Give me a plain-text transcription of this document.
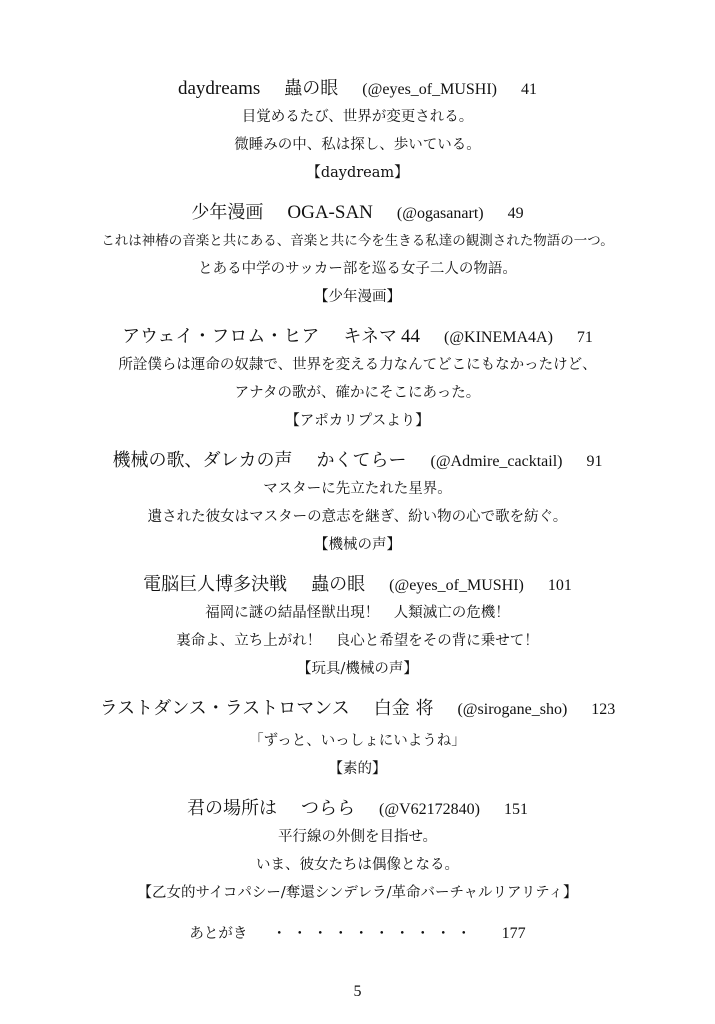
daydreams 蟲の眼 (@eyes_of_MUSHI) 41
目覚めるたび、世界が変更される。
微睡みの中、私は探し、歩いている。
【daydream】
少年漫画 OGA-SAN (@ogasanart) 49
これは神椿の音楽と共にある、音楽と共に今を生きる私達の観測された物語の一つ。
とある中学のサッカー部を巡る女子二人の物語。
【少年漫画】
アウェイ・フロム・ヒア キネマ 44 (@KINEMA4A) 71
所詮僕らは運命の奴隷で、世界を変える力なんてどこにもなかったけど、
アナタの歌が、確かにそこにあった。
【アポカリプスより】
機械の歌、ダレカの声 かくてらー (@Admire_cacktail) 91
マスターに先立たれた星界。
遺された彼女はマスターの意志を継ぎ、紛い物の心で歌を紡ぐ。
【機械の声】
電脳巨人博多決戦 蟲の眼 (@eyes_of_MUSHI) 101
福岡に謎の結晶怪獣出現！　人類滅亡の危機！
裏命よ、立ち上がれ！　良心と希望をその背に乗せて！
【玩具/機械の声】
ラストダンス・ラストロマンス 白金 将 (@sirogane_sho) 123
「ずっと、いっしょにいようね」
【素的】
君の場所は つらら (@V62172840) 151
平行線の外側を目指せ。
いま、彼女たちは偶像となる。
【乙女的サイコパシー/奪還シンデレラ/革命バーチャルリアリティ】
あとがき ・・・・・・・・・・ 177
5
